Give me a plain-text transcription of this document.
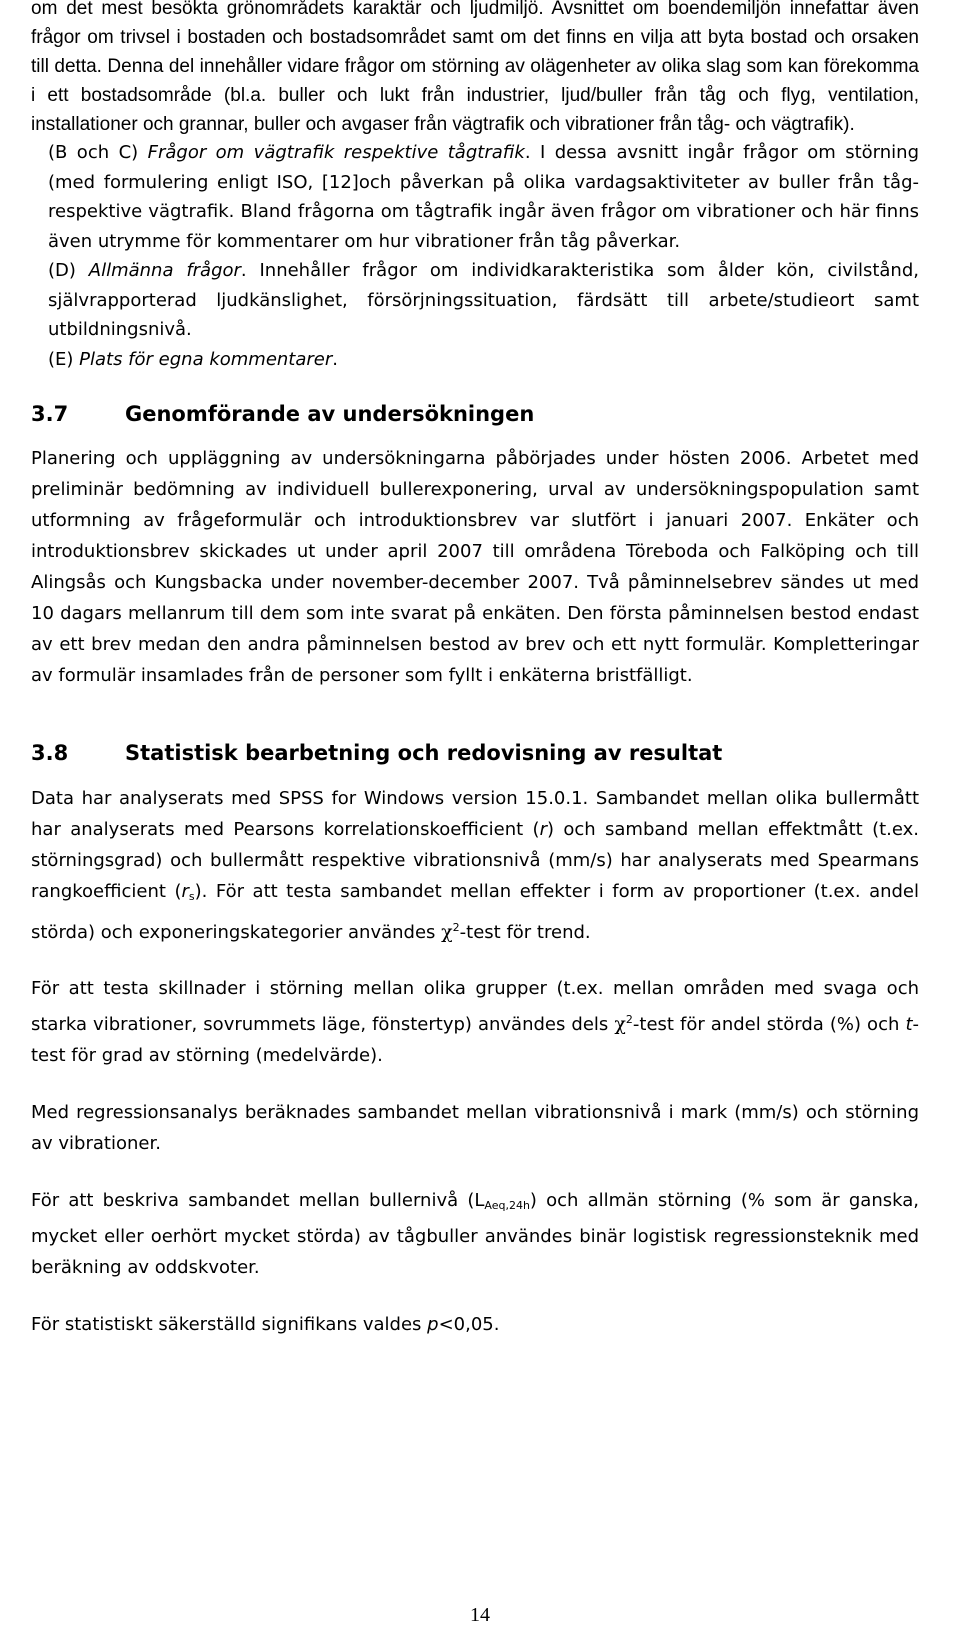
om det mest besökta grönområdets karaktär och ljudmiljö. Avsnittet om boendemiljön innefattar även frågor om trivsel i bostaden och bostadsområdet samt om det finns en vilja att byta bostad och orsaken till detta. Denna del innehåller vidare frågor om störning av olägenheter av olika slag som kan förekomma i ett bostadsområde (bl.a. buller och lukt från industrier, ljud/buller från tåg och flyg, ventilation, installationer och grannar, buller och avgaser från vägtrafik och vibrationer från tåg- och vägtrafik).

(B och C) Frågor om vägtrafik respektive tågtrafik. I dessa avsnitt ingår frågor om störning (med formulering enligt ISO, [12]och påverkan på olika vardagsaktiviteter av buller från tåg-respektive vägtrafik. Bland frågorna om tågtrafik ingår även frågor om vibrationer och här finns även utrymme för kommentarer om hur vibrationer från tåg påverkar.

(D) Allmänna frågor. Innehåller frågor om individkarakteristika som ålder kön, civilstånd, självrapporterad ljudkänslighet, försörjningssituation, färdsätt till arbete/studieort samt utbildningsnivå.

(E) Plats för egna kommentarer.

3.7	Genomförande av undersökningen

Planering och uppläggning av undersökningarna påbörjades under hösten 2006. Arbetet med preliminär bedömning av individuell bullerexponering, urval av undersökningspopulation samt utformning av frågeformulär och introduktionsbrev var slutfört i januari 2007. Enkäter och introduktionsbrev skickades ut under april 2007 till områdena Töreboda och Falköping och till Alingsås och Kungsbacka under november-december 2007. Två påminnelsebrev sändes ut med 10 dagars mellanrum till dem som inte svarat på enkäten. Den första påminnelsen bestod endast av ett brev medan den andra påminnelsen bestod av brev och ett nytt formulär. Kompletteringar av formulär insamlades från de personer som fyllt i enkäterna bristfälligt.

3.8	Statistisk bearbetning och redovisning av resultat

Data har analyserats med SPSS for Windows version 15.0.1. Sambandet mellan olika bullermått har analyserats med Pearsons korrelationskoefficient (r) och samband mellan effektmått (t.ex. störningsgrad) och bullermått respektive vibrationsnivå (mm/s) har analyserats med Spearmans rangkoefficient $(r_s)$. För att testa sambandet mellan effekter i form av proportioner (t.ex. andel störda) och exponeringskategorier användes $\chi^2$-test för trend.

För att testa skillnader i störning mellan olika grupper (t.ex. mellan områden med svaga och starka vibrationer, sovrummets läge, fönstertyp) användes dels $\chi^2$-test för andel störda (%) och t-test för grad av störning (medelvärde).

Med regressionsanalys beräknades sambandet mellan vibrationsnivå i mark (mm/s) och störning av vibrationer.

För att beskriva sambandet mellan bullernivå $(L_{Aeq,24h})$ och allmän störning (% som är ganska, mycket eller oerhört mycket störda) av tågbuller användes binär logistisk regressionsteknik med beräkning av oddskvoter.

För statistiskt säkerställd signifikans valdes p<0,05.

14
